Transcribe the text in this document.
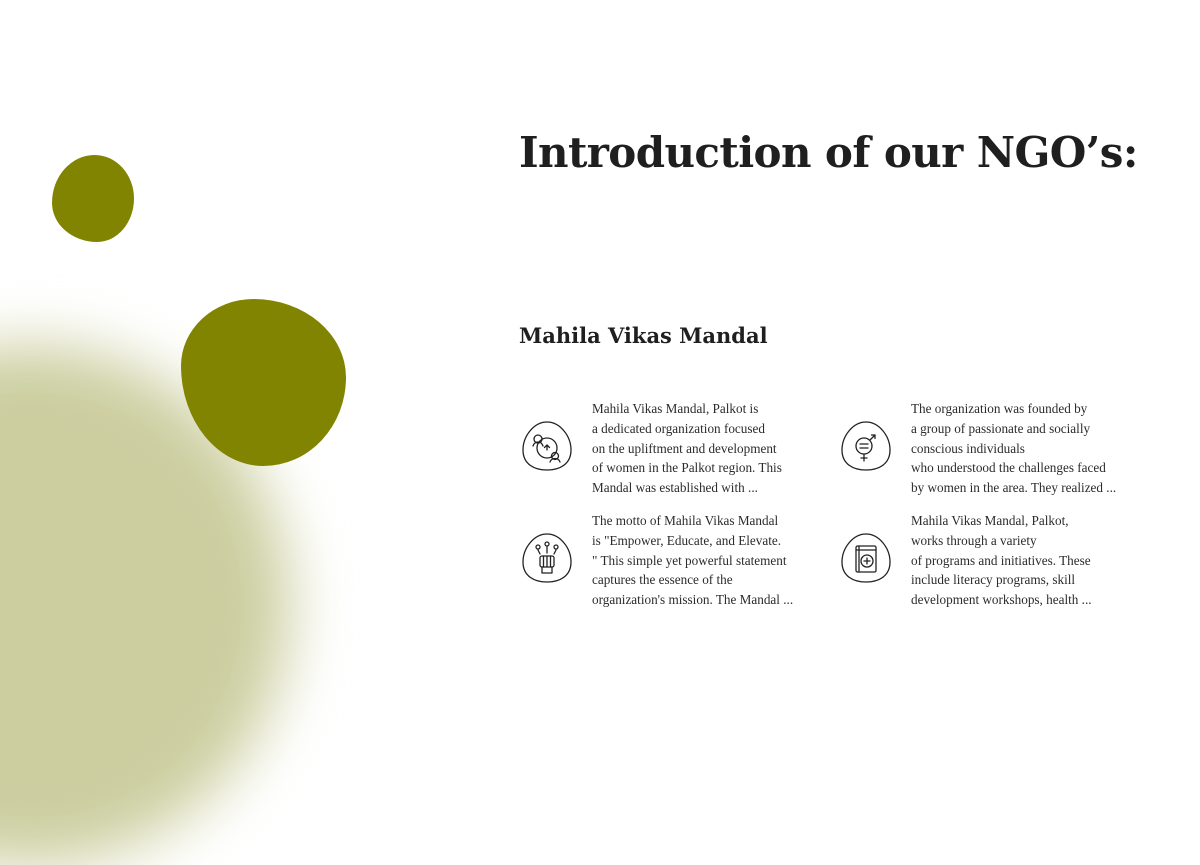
Introduction of our NGO’s:
Mahila Vikas Mandal

Mahila Vikas Mandal, Palkot is
a dedicated organization focused
on the upliftment and development
of women in the Palkot region. This
Mandal was established with ...

The organization was founded by
a group of passionate and socially
conscious individuals
who understood the challenges faced
by women in the area. They realized ...

The motto of Mahila Vikas Mandal
is "Empower, Educate, and Elevate.
" This simple yet powerful statement
captures the essence of the
organization's mission. The Mandal ...

Mahila Vikas Mandal, Palkot,
works through a variety
of programs and initiatives. These
include literacy programs, skill
development workshops, health ...
